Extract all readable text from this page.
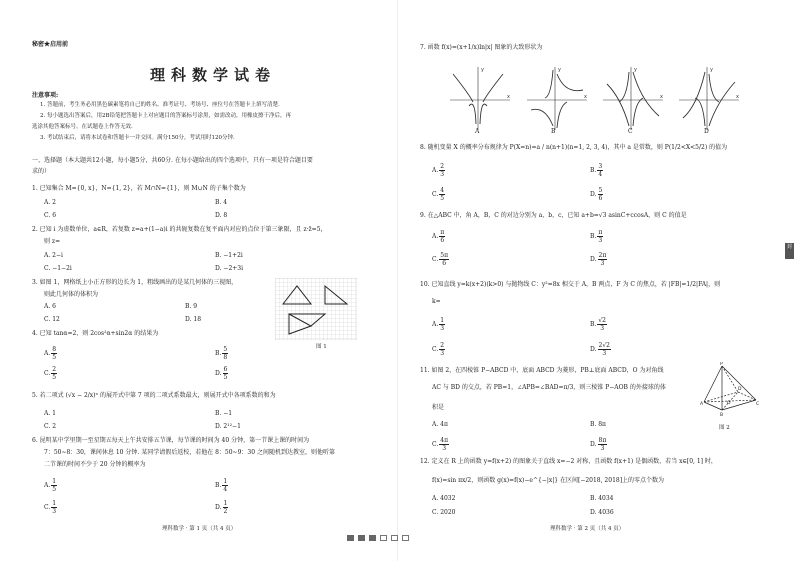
封
秘密★启用前
理科数学试卷
注意事项:
1. 答题前，考生务必用黑色碳素笔将自己的姓名、准考证号、考场号、座位号在答题卡上填写清楚.
2. 每小题选出答案后，用2B铅笔把答题卡上对应题目的答案标号涂黑，如需改动，用橡皮擦干净后，再
选涂其他答案标号。在试题卷上作答无效.
3. 考试结束后，请将本试卷和答题卡一并交回。满分150分，考试用时120分钟.
一、选择题（本大题共12小题，每小题5分，共60分. 在每小题给出的四个选项中，只有一项是符合题目要
求的）
1. 已知集合 M={0, x}，N={1, 2}，若 M∩N={1}，则 M∪N 的子集个数为
A. 2	B. 4
C. 6	D. 8
2. 已知 i 为虚数单位，a∈R，若复数 z=a+(1−a)i 的共轭复数在复平面内对应的点位于第三象限，且 z·z̄=5，
则 z=
A. 2−i	B. −1+2i
C. −1−2i	D. −2+3i
3. 如图 1，网格纸上小正方形的边长为 1，粗线画出的是某几何体的三视图，
则此几何体的体积为
A. 6	B. 9
C. 12	D. 18
图 1
4. 已知 tanα=2，则 2cos²α+sin2α 的结果为
A. $\frac{8}{5}$	B. $\frac{5}{8}$
C. $\frac{2}{5}$	D. $\frac{6}{5}$
5. 若二项式 (√x − 2/x)ⁿ 的展开式中第 7 项的二项式系数最大，则展开式中各项系数的和为
A. 1	B. −1
C. 2	D. 2¹²−1
6. 昆明某中学里期一至星期五每天上午共安排五节课，每节课的时间为 40 分钟，第一节课上课的时间为
7：50~8：30，课间休息 10 分钟. 某同学请假后返校，若他在 8：50~9：30 之间随机到达教室，则他听第
二节课的时间不少于 20 分钟的概率为
A. $\frac{1}{5}$	B. $\frac{1}{4}$
C. $\frac{1}{3}$	D. $\frac{1}{2}$
理科数学 · 第 1 页（共 4 页）
7. 函数 f(x)=(x+1/x)ln|x| 图象的大致形状为
y
x
y
x
y
x
y
x
A	B	C	D
8. 随机变量 X 的概率分布规律为 P(X=n)=a / n(n+1)(n=1, 2, 3, 4)，其中 a 是常数，则 P(1/2<X<5/2) 的值为
A. $\frac{2}{3}$	B. $\frac{3}{4}$
C. $\frac{4}{5}$	D. $\frac{5}{6}$
9. 在△ABC 中，角 A，B，C 的对边分别为 a，b，c，已知 a+b=√3 asinC+ccosA，则 C 的值是
A. $\frac{\pi}{6}$	B. $\frac{\pi}{3}$
C. $\frac{5\pi}{6}$	D. $\frac{2\pi}{3}$
10. 已知直线 y=k(x+2)(k>0) 与抛物线 C：y²=8x 相交于 A，B 两点，F 为 C 的焦点，若 |FB|=1/2|FA|，则
k=
A. $\frac{1}{3}$	B. $\frac{√2}{3}$
C. $\frac{2}{3}$	D. $\frac{2√2}{3}$
11. 如图 2，在四棱锥 P−ABCD 中，底面 ABCD 为菱形，PB⊥底面 ABCD，O 为对角线
AC 与 BD 的交点，若 PB=1，∠APB=∠BAD=π/3，则三棱锥 P−AOB 的外接球的体
积是
A. 4π	B. 8π
C. $\frac{4\pi}{3}$	D. $\frac{8\pi}{3}$
P
A
B
C
D
O
图 2
12. 定义在 R 上的函数 y=f(x+2) 的图象关于直线 x=−2 对称，且函数 f(x+1) 是偶函数，若当 x∈[0, 1] 时，
f(x)=sin πx/2，则函数 g(x)=f(x)−e^{−|x|} 在区间[−2018, 2018]上的零点个数为
A. 4032	B. 4034
C. 2020	D. 4036
理科数学 · 第 2 页（共 4 页）
